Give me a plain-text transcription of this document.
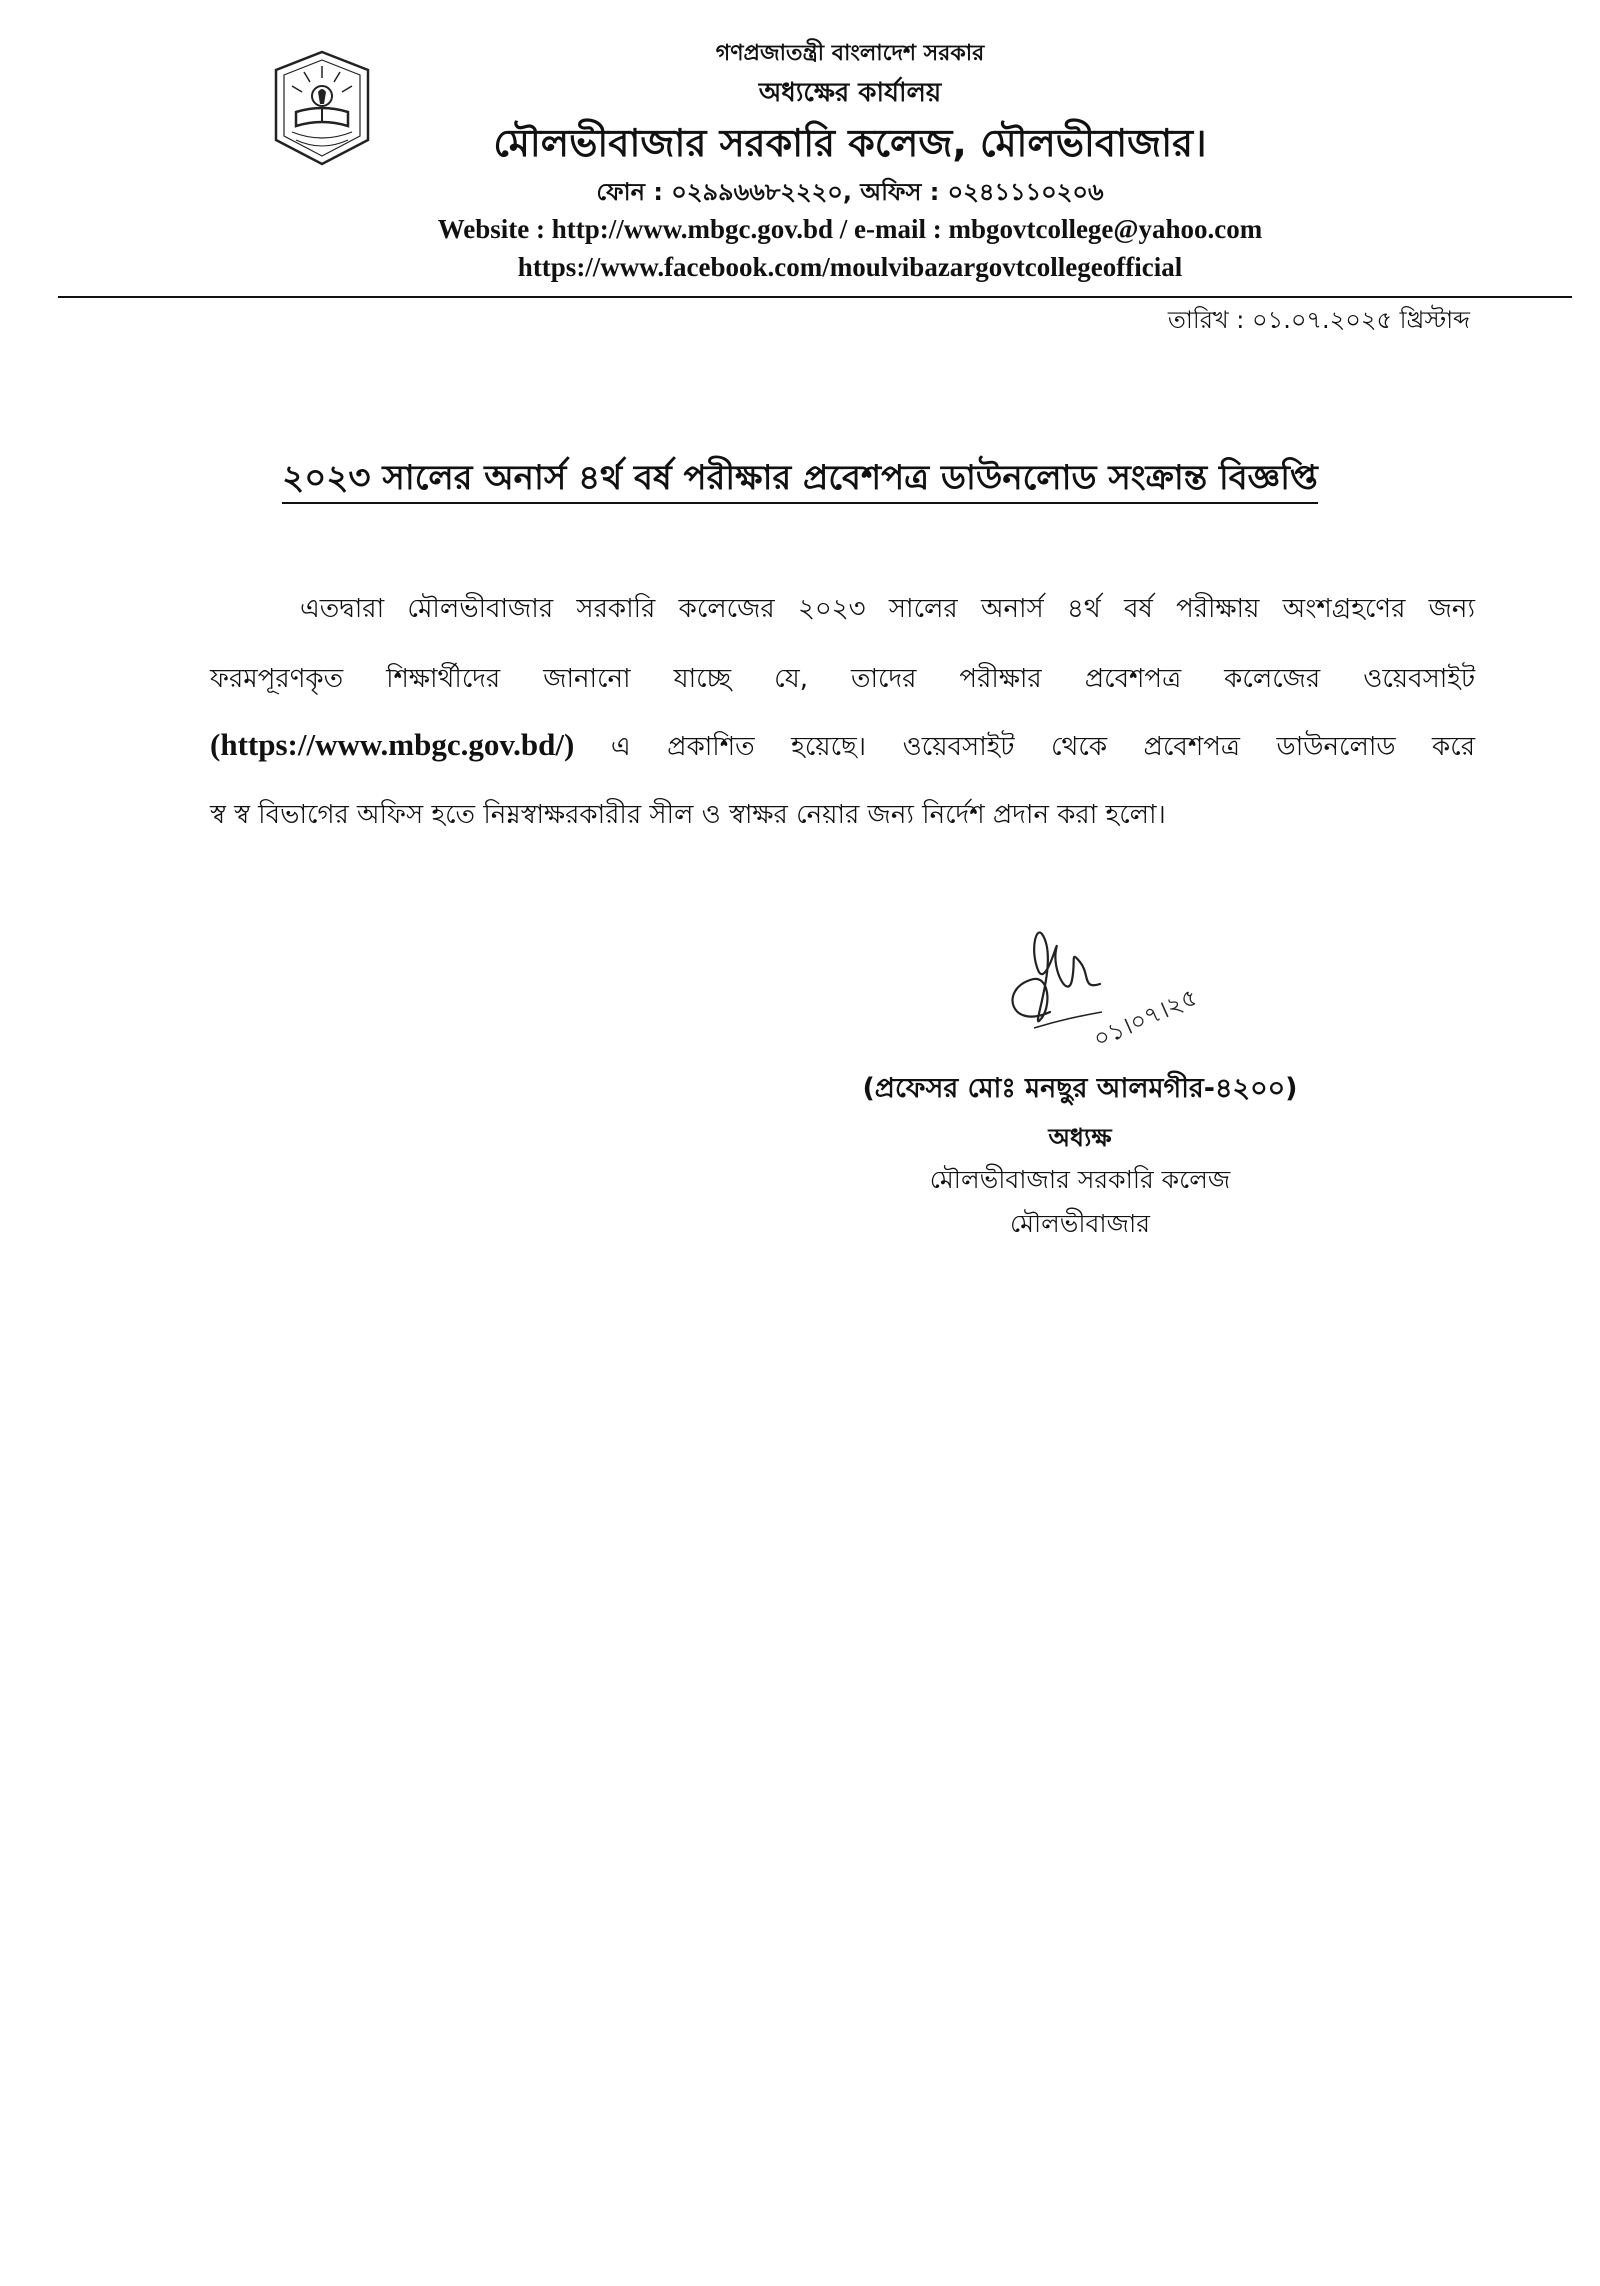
গণপ্রজাতন্ত্রী বাংলাদেশ সরকার
অধ্যক্ষের কার্যালয়
মৌলভীবাজার সরকারি কলেজ, মৌলভীবাজার।
ফোন : ০২৯৯৬৬৮২২২০, অফিস : ০২৪১১১০২০৬
Website : http://www.mbgc.gov.bd / e-mail : mbgovtcollege@yahoo.com
https://www.facebook.com/moulvibazargovtcollegeofficial
তারিখ : ০১.০৭.২০২৫ খ্রিস্টাব্দ
২০২৩ সালের অনার্স ৪র্থ বর্ষ পরীক্ষার প্রবেশপত্র ডাউনলোড সংক্রান্ত বিজ্ঞপ্তি
এতদ্বারা মৌলভীবাজার সরকারি কলেজের ২০২৩ সালের অনার্স ৪র্থ বর্ষ পরীক্ষায় অংশগ্রহণের জন্য
ফরমপূরণকৃত শিক্ষার্থীদের জানানো যাচ্ছে যে, তাদের পরীক্ষার প্রবেশপত্র কলেজের ওয়েবসাইট
(https://www.mbgc.gov.bd/) এ প্রকাশিত হয়েছে। ওয়েবসাইট থেকে প্রবেশপত্র ডাউনলোড করে
স্ব স্ব বিভাগের অফিস হতে নিম্নস্বাক্ষরকারীর সীল ও স্বাক্ষর নেয়ার জন্য নির্দেশ প্রদান করা হলো।
০১।০৭।২৫
(প্রফেসর মোঃ মনছুর আলমগীর-৪২০০)
অধ্যক্ষ
মৌলভীবাজার সরকারি কলেজ
মৌলভীবাজার
